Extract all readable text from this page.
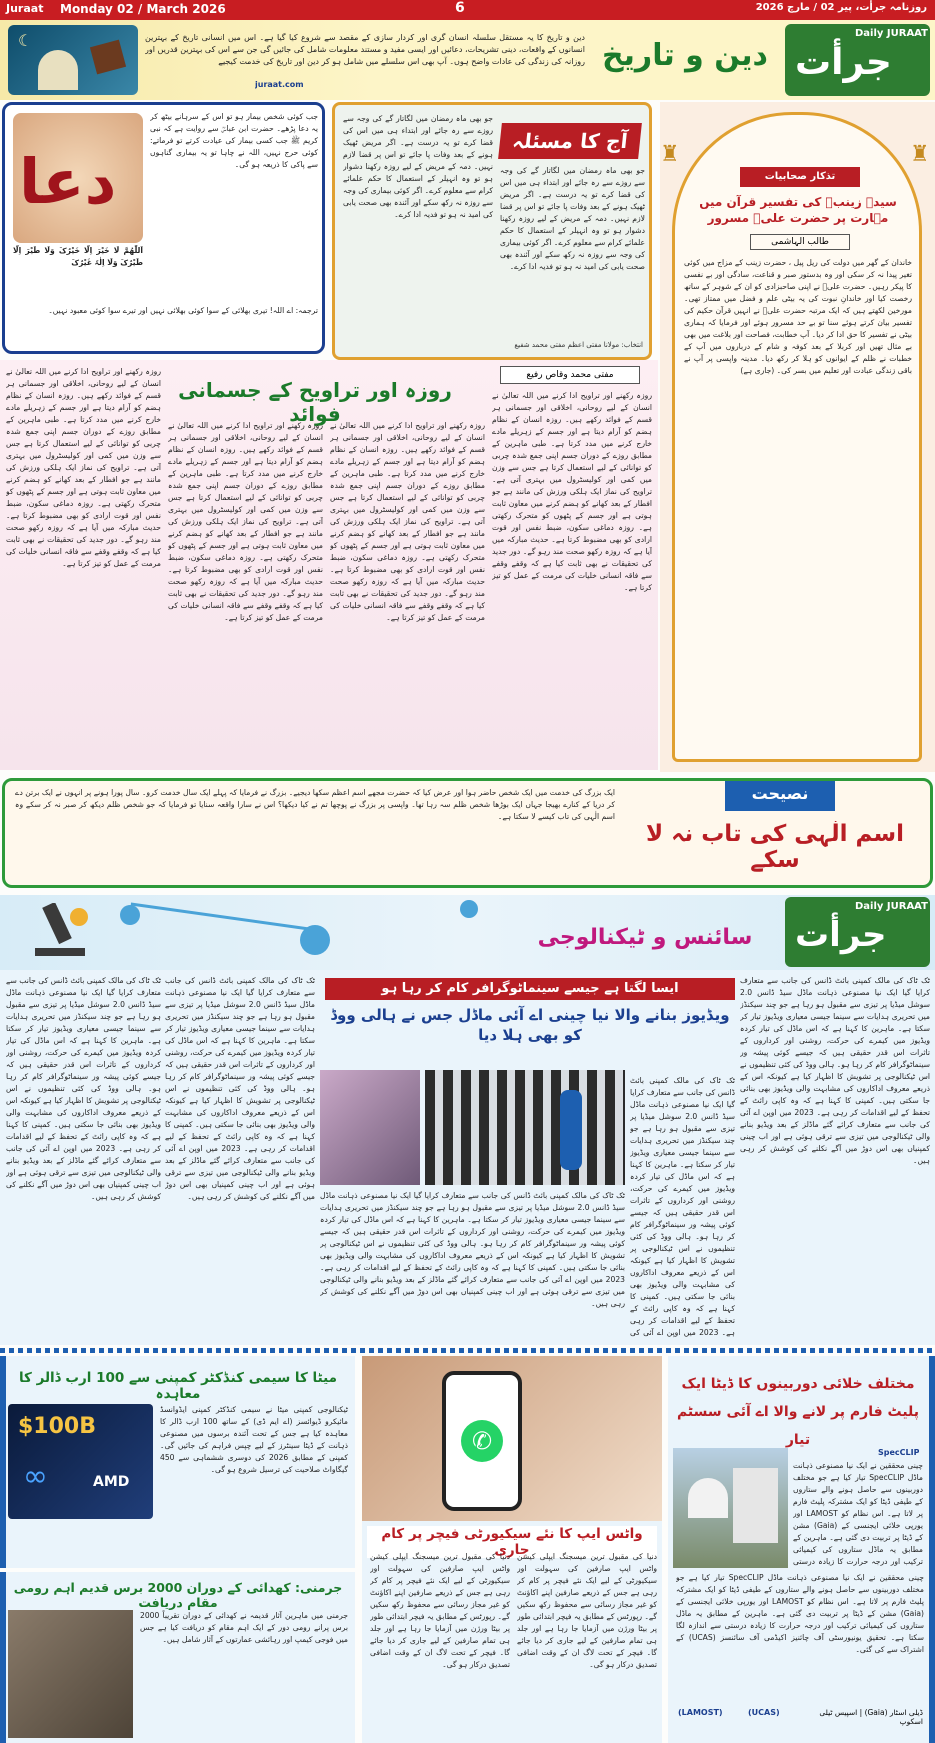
Juraat Monday 02 / March 2026	6	روزنامہ جرأت، پیر 02 / مارچ 2026
☾	دین و تاریخ کا یہ مستقل سلسلہ انسان گری اور کردار سازی کے مقصد سے شروع کیا گیا ہے۔ اس میں انسانی تاریخ کے بہترین انسانوں کے واقعات، دینی تشریحات، دعائیں اور ایسی مفید و مستند معلومات شامل کی جائیں گی جن سے اس کی بہترین قدریں اور روزانہ کی زندگی کی عادات واضح ہوں۔ آپ بھی اس سلسلے میں شامل ہو کر دین اور تاریخ کی خدمت کیجیے
juraat.com
دین و تاریخ
Daily JURAAT
جرأت
♜	♜
تذکار صحابیات
سیدہ زینبؓ کی تفسیر قرآن میں مہارت پر حضرت علیؓ مسرور
طالب الہاشمی
خاندان کے گھر میں دولت کی ریل پیل ، حضرت زینب کے مزاج میں کوئی تغیر پیدا نہ کر سکی اور وہ بدستور صبر و قناعت، سادگی اور بے نفسی کا پیکر رہیں۔ حضرت علیؓ نے اپنی صاحبزادی کو ان کے شوہر کے ساتھ رخصت کیا اور خاندانِ نبوت کی یہ بیٹی علم و فضل میں ممتاز تھی۔ مورخین لکھتے ہیں کہ ایک مرتبہ حضرت علیؓ نے انہیں قرآن حکیم کی تفسیر بیان کرتے ہوئے سنا تو بے حد مسرور ہوئے اور فرمایا کہ ہماری بیٹی نے تفسیر کا حق ادا کر دیا۔ آپ خطابت، فصاحت اور بلاغت میں بھی بے مثال تھیں اور کربلا کے بعد کوفہ و شام کے درباروں میں آپ کے خطبات نے ظلم کے ایوانوں کو ہلا کر رکھ دیا۔ مدینہ واپسی پر آپ نے باقی زندگی عبادت اور تعلیم میں بسر کی۔ (جاری ہے)
آج کا مسئلہ
جو بھی ماہ رمضان میں لگاتار گے کی وجہ سے روزے سے رہ جائے اور ابتداء ہی میں اس کی قضا کرے تو یہ درست ہے۔ اگر مریض ٹھیک ہونے کے بعد وفات پا جائے تو اس پر قضا لازم نہیں۔ دمہ کے مریض کے لیے روزہ رکھنا دشوار ہو تو وہ انہیلر کے استعمال کا حکم علمائے کرام سے معلوم کرے۔ اگر کوئی بیماری کی وجہ سے روزہ نہ رکھ سکے اور آئندہ بھی صحت یابی کی امید نہ ہو تو فدیہ ادا کرے۔
جو بھی ماہ رمضان میں لگاتار گے کی وجہ سے روزے سے رہ جائے اور ابتداء ہی میں اس کی قضا کرے تو یہ درست ہے۔ اگر مریض ٹھیک ہونے کے بعد وفات پا جائے تو اس پر قضا لازم نہیں۔ دمہ کے مریض کے لیے روزہ رکھنا دشوار ہو تو وہ انہیلر کے استعمال کا حکم علمائے کرام سے معلوم کرے۔ اگر کوئی بیماری کی وجہ سے روزہ نہ رکھ سکے اور آئندہ بھی صحت یابی کی امید نہ ہو تو فدیہ ادا کرے۔
انتخاب: مولانا مفتی اعظم مفتی محمد شفیع
دعا
جب کوئی شخص بیمار ہو تو اس کے سرہانے بیٹھ کر یہ دعا پڑھے۔ حضرت ابن عباسؓ سے روایت ہے کہ نبی کریم ﷺ جب کسی بیمار کی عیادت کرتے تو فرماتے: کوئی حرج نہیں، اللہ نے چاہا تو یہ بیماری گناہوں سے پاکی کا ذریعہ ہو گی۔
اَللّٰھُمَّ لَا خَیْرَ اِلَّا خَیْرُکَ وَلَا طَیْرَ اِلَّا طَیْرُکَ وَلَا اِلٰہَ غَیْرُکَ
ترجمہ: اے اللہ! تیری بھلائی کے سوا کوئی بھلائی نہیں اور تیرے سوا کوئی معبود نہیں۔
روزہ اور تراویح کے جسمانی فوائد
مفتی محمد وقاص رفیع
روزہ رکھنے اور تراویح ادا کرنے میں اللہ تعالیٰ نے انسان کے لیے روحانی، اخلاقی اور جسمانی ہر قسم کے فوائد رکھے ہیں۔ روزہ انسان کے نظام ہضم کو آرام دیتا ہے اور جسم کے زہریلے مادے خارج کرنے میں مدد کرتا ہے۔ طبی ماہرین کے مطابق روزے کے دوران جسم اپنی جمع شدہ چربی کو توانائی کے لیے استعمال کرتا ہے جس سے وزن میں کمی اور کولیسٹرول میں بہتری آتی ہے۔ تراویح کی نماز ایک ہلکی ورزش کی مانند ہے جو افطار کے بعد کھانے کو ہضم کرنے میں معاون ثابت ہوتی ہے اور جسم کے پٹھوں کو متحرک رکھتی ہے۔ روزہ دماغی سکون، ضبط نفس اور قوت ارادی کو بھی مضبوط کرتا ہے۔ حدیث مبارکہ میں آیا ہے کہ روزہ رکھو صحت مند رہو گے۔ دور جدید کی تحقیقات نے بھی ثابت کیا ہے کہ وقفے وقفے سے فاقہ انسانی خلیات کی مرمت کے عمل کو تیز کرتا ہے۔
روزہ رکھنے اور تراویح ادا کرنے میں اللہ تعالیٰ نے انسان کے لیے روحانی، اخلاقی اور جسمانی ہر قسم کے فوائد رکھے ہیں۔ روزہ انسان کے نظام ہضم کو آرام دیتا ہے اور جسم کے زہریلے مادے خارج کرنے میں مدد کرتا ہے۔ طبی ماہرین کے مطابق روزے کے دوران جسم اپنی جمع شدہ چربی کو توانائی کے لیے استعمال کرتا ہے جس سے وزن میں کمی اور کولیسٹرول میں بہتری آتی ہے۔ تراویح کی نماز ایک ہلکی ورزش کی مانند ہے جو افطار کے بعد کھانے کو ہضم کرنے میں معاون ثابت ہوتی ہے اور جسم کے پٹھوں کو متحرک رکھتی ہے۔ روزہ دماغی سکون، ضبط نفس اور قوت ارادی کو بھی مضبوط کرتا ہے۔ حدیث مبارکہ میں آیا ہے کہ روزہ رکھو صحت مند رہو گے۔ دور جدید کی تحقیقات نے بھی ثابت کیا ہے کہ وقفے وقفے سے فاقہ انسانی خلیات کی مرمت کے عمل کو تیز کرتا ہے۔
روزہ رکھنے اور تراویح ادا کرنے میں اللہ تعالیٰ نے انسان کے لیے روحانی، اخلاقی اور جسمانی ہر قسم کے فوائد رکھے ہیں۔ روزہ انسان کے نظام ہضم کو آرام دیتا ہے اور جسم کے زہریلے مادے خارج کرنے میں مدد کرتا ہے۔ طبی ماہرین کے مطابق روزے کے دوران جسم اپنی جمع شدہ چربی کو توانائی کے لیے استعمال کرتا ہے جس سے وزن میں کمی اور کولیسٹرول میں بہتری آتی ہے۔ تراویح کی نماز ایک ہلکی ورزش کی مانند ہے جو افطار کے بعد کھانے کو ہضم کرنے میں معاون ثابت ہوتی ہے اور جسم کے پٹھوں کو متحرک رکھتی ہے۔ روزہ دماغی سکون، ضبط نفس اور قوت ارادی کو بھی مضبوط کرتا ہے۔ حدیث مبارکہ میں آیا ہے کہ روزہ رکھو صحت مند رہو گے۔ دور جدید کی تحقیقات نے بھی ثابت کیا ہے کہ وقفے وقفے سے فاقہ انسانی خلیات کی مرمت کے عمل کو تیز کرتا ہے۔
روزہ رکھنے اور تراویح ادا کرنے میں اللہ تعالیٰ نے انسان کے لیے روحانی، اخلاقی اور جسمانی ہر قسم کے فوائد رکھے ہیں۔ روزہ انسان کے نظام ہضم کو آرام دیتا ہے اور جسم کے زہریلے مادے خارج کرنے میں مدد کرتا ہے۔ طبی ماہرین کے مطابق روزے کے دوران جسم اپنی جمع شدہ چربی کو توانائی کے لیے استعمال کرتا ہے جس سے وزن میں کمی اور کولیسٹرول میں بہتری آتی ہے۔ تراویح کی نماز ایک ہلکی ورزش کی مانند ہے جو افطار کے بعد کھانے کو ہضم کرنے میں معاون ثابت ہوتی ہے اور جسم کے پٹھوں کو متحرک رکھتی ہے۔ روزہ دماغی سکون، ضبط نفس اور قوت ارادی کو بھی مضبوط کرتا ہے۔ حدیث مبارکہ میں آیا ہے کہ روزہ رکھو صحت مند رہو گے۔ دور جدید کی تحقیقات نے بھی ثابت کیا ہے کہ وقفے وقفے سے فاقہ انسانی خلیات کی مرمت کے عمل کو تیز کرتا ہے۔
نصیحت
اسم الٰہی کی تاب نہ لا سکے
ایک بزرگ کی خدمت میں ایک شخص حاضر ہوا اور عرض کیا کہ حضرت مجھے اسم اعظم سکھا دیجیے۔ بزرگ نے فرمایا کہ پہلے ایک سال خدمت کرو۔ سال پورا ہونے پر انہوں نے ایک برتن دے کر دریا کے کنارے بھیجا جہاں ایک بوڑھا شخص ظلم سہ رہا تھا۔ واپسی پر بزرگ نے پوچھا تم نے کیا دیکھا؟ اس نے سارا واقعہ سنایا تو فرمایا کہ جو شخص ظلم دیکھ کر صبر نہ کر سکے وہ اسم الٰہی کی تاب کیسے لا سکتا ہے۔
سائنس و ٹیکنالوجی
Daily JURAAT
جرأت
ایسا لگتا ہے جیسے سینماٹوگرافر کام کر رہا ہو
ویڈیوز بنانے والا نیا چینی اے آئی ماڈل جس نے ہالی ووڈ کو بھی ہلا دیا
ٹک ٹاک کی مالک کمپنی بائٹ ڈانس کی جانب سے متعارف کرایا گیا ایک نیا مصنوعی ذہانت ماڈل سیڈ ڈانس 2.0 سوشل میڈیا پر تیزی سے مقبول ہو رہا ہے جو چند سیکنڈز میں تحریری ہدایات سے سینما جیسی معیاری ویڈیوز تیار کر سکتا ہے۔ ماہرین کا کہنا ہے کہ اس ماڈل کی تیار کردہ ویڈیوز میں کیمرے کی حرکت، روشنی اور کرداروں کے تاثرات اس قدر حقیقی ہیں کہ جیسے کوئی پیشہ ور سینماٹوگرافر کام کر رہا ہو۔ ہالی ووڈ کی کئی تنظیموں نے اس ٹیکنالوجی پر تشویش کا اظہار کیا ہے کیونکہ اس کے ذریعے معروف اداکاروں کی مشابہت والی ویڈیوز بھی بنائی جا سکتی ہیں۔ کمپنی کا کہنا ہے کہ وہ کاپی رائٹ کے تحفظ کے لیے اقدامات کر رہی ہے۔ 2023 میں اوپن اے آئی کی جانب سے متعارف کرائے گئے ماڈلز کے بعد ویڈیو بنانے والی ٹیکنالوجی میں تیزی سے ترقی ہوئی ہے اور اب چینی کمپنیاں بھی اس دوڑ میں آگے نکلنے کی کوشش کر رہی ہیں۔
ٹک ٹاک کی مالک کمپنی بائٹ ڈانس کی جانب سے متعارف کرایا گیا ایک نیا مصنوعی ذہانت ماڈل سیڈ ڈانس 2.0 سوشل میڈیا پر تیزی سے مقبول ہو رہا ہے جو چند سیکنڈز میں تحریری ہدایات سے سینما جیسی معیاری ویڈیوز تیار کر سکتا ہے۔ ماہرین کا کہنا ہے کہ اس ماڈل کی تیار کردہ ویڈیوز میں کیمرے کی حرکت، روشنی اور کرداروں کے تاثرات اس قدر حقیقی ہیں کہ جیسے کوئی پیشہ ور سینماٹوگرافر کام کر رہا ہو۔ ہالی ووڈ کی کئی تنظیموں نے اس ٹیکنالوجی پر تشویش کا اظہار کیا ہے کیونکہ اس کے ذریعے معروف اداکاروں کی مشابہت والی ویڈیوز بھی بنائی جا سکتی ہیں۔ کمپنی کا کہنا ہے کہ وہ کاپی رائٹ کے تحفظ کے لیے اقدامات کر رہی ہے۔ 2023 میں اوپن اے آئی کی
ٹک ٹاک کی مالک کمپنی بائٹ ڈانس کی جانب سے متعارف کرایا گیا ایک نیا مصنوعی ذہانت ماڈل سیڈ ڈانس 2.0 سوشل میڈیا پر تیزی سے مقبول ہو رہا ہے جو چند سیکنڈز میں تحریری ہدایات سے سینما جیسی معیاری ویڈیوز تیار کر سکتا ہے۔ ماہرین کا کہنا ہے کہ اس ماڈل کی تیار کردہ ویڈیوز میں کیمرے کی حرکت، روشنی اور کرداروں کے تاثرات اس قدر حقیقی ہیں کہ جیسے کوئی پیشہ ور سینماٹوگرافر کام کر رہا ہو۔ ہالی ووڈ کی کئی تنظیموں نے اس ٹیکنالوجی پر تشویش کا اظہار کیا ہے کیونکہ اس کے ذریعے معروف اداکاروں کی مشابہت والی ویڈیوز بھی بنائی جا سکتی ہیں۔ کمپنی کا کہنا ہے کہ وہ کاپی رائٹ کے تحفظ کے لیے اقدامات کر رہی ہے۔ 2023 میں اوپن اے آئی کی جانب سے متعارف کرائے گئے ماڈلز کے بعد ویڈیو بنانے والی ٹیکنالوجی میں تیزی سے ترقی ہوئی ہے اور اب چینی کمپنیاں بھی اس دوڑ میں آگے نکلنے کی کوشش کر رہی ہیں۔
ٹک ٹاک کی مالک کمپنی بائٹ ڈانس کی جانب سے متعارف کرایا گیا ایک نیا مصنوعی ذہانت ماڈل سیڈ ڈانس 2.0 سوشل میڈیا پر تیزی سے مقبول ہو رہا ہے جو چند سیکنڈز میں تحریری ہدایات سے سینما جیسی معیاری ویڈیوز تیار کر سکتا ہے۔ ماہرین کا کہنا ہے کہ اس ماڈل کی تیار کردہ ویڈیوز میں کیمرے کی حرکت، روشنی اور کرداروں کے تاثرات اس قدر حقیقی ہیں کہ جیسے کوئی پیشہ ور سینماٹوگرافر کام کر رہا ہو۔ ہالی ووڈ کی کئی تنظیموں نے اس ٹیکنالوجی پر تشویش کا اظہار کیا ہے کیونکہ اس کے ذریعے معروف اداکاروں کی مشابہت والی ویڈیوز بھی بنائی جا سکتی ہیں۔ کمپنی کا کہنا ہے کہ وہ کاپی رائٹ کے تحفظ کے لیے اقدامات کر رہی ہے۔ 2023 میں اوپن اے آئی کی جانب سے متعارف کرائے گئے ماڈلز کے بعد ویڈیو بنانے والی ٹیکنالوجی میں تیزی سے ترقی ہوئی ہے اور اب چینی کمپنیاں بھی اس دوڑ میں آگے نکلنے کی کوشش کر رہی ہیں۔
ٹک ٹاک کی مالک کمپنی بائٹ ڈانس کی جانب سے متعارف کرایا گیا ایک نیا مصنوعی ذہانت ماڈل سیڈ ڈانس 2.0 سوشل میڈیا پر تیزی سے مقبول ہو رہا ہے جو چند سیکنڈز میں تحریری ہدایات سے سینما جیسی معیاری ویڈیوز تیار کر سکتا ہے۔ ماہرین کا کہنا ہے کہ اس ماڈل کی تیار کردہ ویڈیوز میں کیمرے کی حرکت، روشنی اور کرداروں کے تاثرات اس قدر حقیقی ہیں کہ جیسے کوئی پیشہ ور سینماٹوگرافر کام کر رہا ہو۔ ہالی ووڈ کی کئی تنظیموں نے اس ٹیکنالوجی پر تشویش کا اظہار کیا ہے کیونکہ اس کے ذریعے معروف اداکاروں کی مشابہت والی ویڈیوز بھی بنائی جا سکتی ہیں۔ کمپنی کا کہنا ہے کہ وہ کاپی رائٹ کے تحفظ کے لیے اقدامات کر رہی ہے۔ 2023 میں اوپن اے آئی کی جانب سے متعارف کرائے گئے ماڈلز کے بعد ویڈیو بنانے والی ٹیکنالوجی میں تیزی سے ترقی ہوئی ہے اور اب چینی کمپنیاں بھی اس دوڑ میں آگے نکلنے کی کوشش کر رہی ہیں۔
میٹا کا سیمی کنڈکٹر کمپنی سے 100 ارب ڈالر کا معاہدہ
$100B
AMD
∞
ٹیکنالوجی کمپنی میٹا نے سیمی کنڈکٹر کمپنی ایڈوانسڈ مائیکرو ڈیوائسز (اے ایم ڈی) کے ساتھ 100 ارب ڈالر کا معاہدہ کیا ہے جس کے تحت آئندہ برسوں میں مصنوعی ذہانت کے ڈیٹا سینٹرز کے لیے چپس فراہم کی جائیں گی۔ کمپنی کے مطابق 2026 کی دوسری ششماہی سے 450 گیگاواٹ صلاحیت کی ترسیل شروع ہو گی۔
جرمنی: کھدائی کے دوران 2000 برس قدیم اہم رومی مقام دریافت
جرمنی میں ماہرین آثار قدیمہ نے کھدائی کے دوران تقریباً 2000 برس پرانے رومی دور کے ایک اہم مقام کو دریافت کیا ہے جس میں فوجی کیمپ اور رہائشی عمارتوں کے آثار شامل ہیں۔
✆
واٹس ایپ کا نئے سیکیورٹی فیچر پر کام جاری
دنیا کی مقبول ترین میسجنگ ایپلی کیشن واٹس ایپ صارفین کی سہولت اور سیکیورٹی کے لیے ایک نئے فیچر پر کام کر رہی ہے جس کے ذریعے صارفین اپنے اکاؤنٹ کو غیر مجاز رسائی سے محفوظ رکھ سکیں گے۔ رپورٹس کے مطابق یہ فیچر ابتدائی طور پر بیٹا ورژن میں آزمایا جا رہا ہے اور جلد ہی تمام صارفین کے لیے جاری کر دیا جائے گا۔ فیچر کے تحت لاگ ان کے وقت اضافی تصدیق درکار ہو گی۔
دنیا کی مقبول ترین میسجنگ ایپلی کیشن واٹس ایپ صارفین کی سہولت اور سیکیورٹی کے لیے ایک نئے فیچر پر کام کر رہی ہے جس کے ذریعے صارفین اپنے اکاؤنٹ کو غیر مجاز رسائی سے محفوظ رکھ سکیں گے۔ رپورٹس کے مطابق یہ فیچر ابتدائی طور پر بیٹا ورژن میں آزمایا جا رہا ہے اور جلد ہی تمام صارفین کے لیے جاری کر دیا جائے گا۔ فیچر کے تحت لاگ ان کے وقت اضافی تصدیق درکار ہو گی۔
مختلف خلائی دوربینوں کا ڈیٹا ایک پلیٹ فارم پر لانے والا اے آئی سسٹم تیار
SpecCLIP
چینی محققین نے ایک نیا مصنوعی ذہانت ماڈل SpecCLIP تیار کیا ہے جو مختلف دوربینوں سے حاصل ہونے والے ستاروں کے طیفی ڈیٹا کو ایک مشترکہ پلیٹ فارم پر لاتا ہے۔ اس نظام کو LAMOST اور یورپی خلائی ایجنسی کے (Gaia) مشن کے ڈیٹا پر تربیت دی گئی ہے۔ ماہرین کے مطابق یہ ماڈل ستاروں کی کیمیائی ترکیب اور درجہ حرارت کا زیادہ درستی
چینی محققین نے ایک نیا مصنوعی ذہانت ماڈل SpecCLIP تیار کیا ہے جو مختلف دوربینوں سے حاصل ہونے والے ستاروں کے طیفی ڈیٹا کو ایک مشترکہ پلیٹ فارم پر لاتا ہے۔ اس نظام کو LAMOST اور یورپی خلائی ایجنسی کے (Gaia) مشن کے ڈیٹا پر تربیت دی گئی ہے۔ ماہرین کے مطابق یہ ماڈل ستاروں کی کیمیائی ترکیب اور درجہ حرارت کا زیادہ درستی سے اندازہ لگا سکتا ہے۔ تحقیق یونیورسٹی آف چائنیز اکیڈمی آف سائنسز (UCAS) کے اشتراک سے کی گئی۔
(LAMOST)	(UCAS)	ڈیلی اسٹار (Gaia) | اسپیس ٹیلی اسکوپ
